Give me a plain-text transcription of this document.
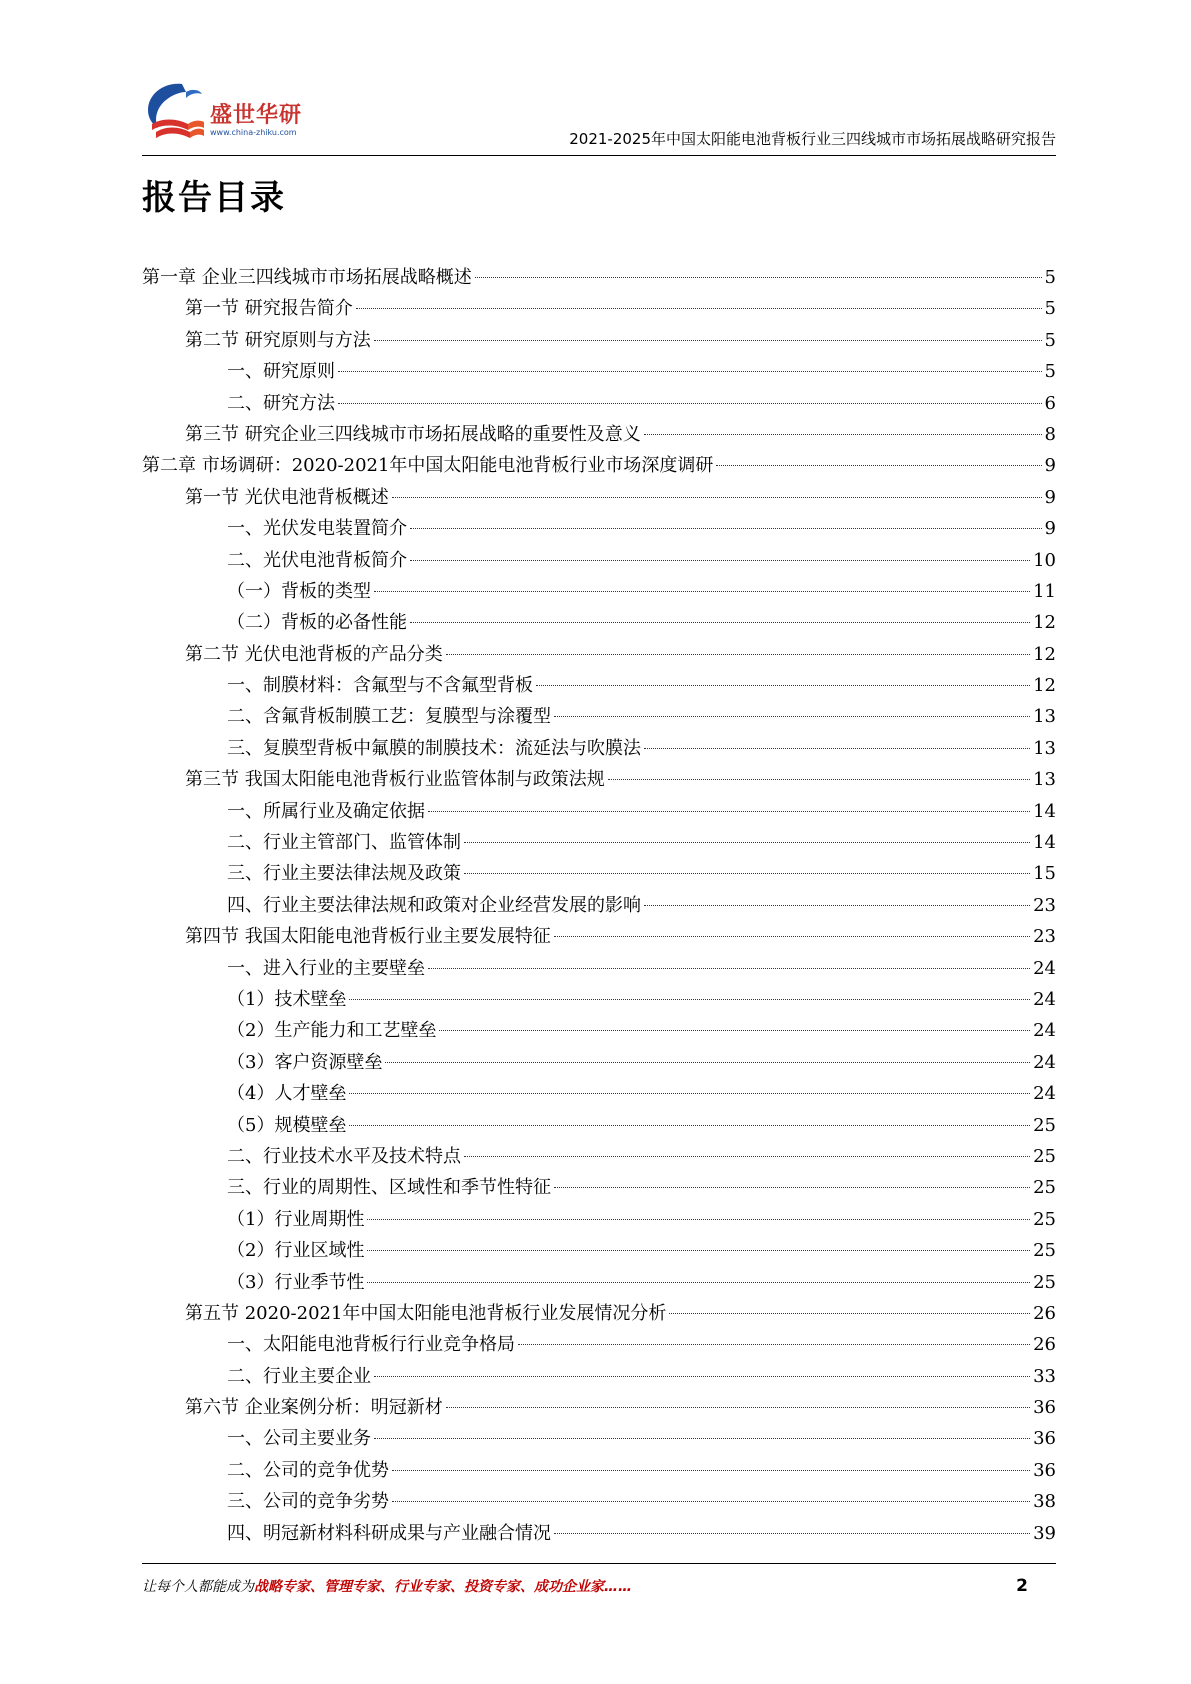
盛世华研
www.china-zhiku.com	2021-2025年中国太阳能电池背板行业三四线城市市场拓展战略研究报告
报告目录
第一章 企业三四线城市市场拓展战略概述	5
第一节 研究报告简介	5
第二节 研究原则与方法	5
一、研究原则	5
二、研究方法	6
第三节 研究企业三四线城市市场拓展战略的重要性及意义	8
第二章 市场调研：2020-2021年中国太阳能电池背板行业市场深度调研	9
第一节 光伏电池背板概述	9
一、光伏发电装置简介	9
二、光伏电池背板简介	10
（一）背板的类型	11
（二）背板的必备性能	12
第二节 光伏电池背板的产品分类	12
一、制膜材料：含氟型与不含氟型背板	12
二、含氟背板制膜工艺：复膜型与涂覆型	13
三、复膜型背板中氟膜的制膜技术：流延法与吹膜法	13
第三节 我国太阳能电池背板行业监管体制与政策法规	13
一、所属行业及确定依据	14
二、行业主管部门、监管体制	14
三、行业主要法律法规及政策	15
四、行业主要法律法规和政策对企业经营发展的影响	23
第四节 我国太阳能电池背板行业主要发展特征	23
一、进入行业的主要壁垒	24
（1）技术壁垒	24
（2）生产能力和工艺壁垒	24
（3）客户资源壁垒	24
（4）人才壁垒	24
（5）规模壁垒	25
二、行业技术水平及技术特点	25
三、行业的周期性、区域性和季节性特征	25
（1）行业周期性	25
（2）行业区域性	25
（3）行业季节性	25
第五节 2020-2021年中国太阳能电池背板行业发展情况分析	26
一、太阳能电池背板行行业竞争格局	26
二、行业主要企业	33
第六节 企业案例分析：明冠新材	36
一、公司主要业务	36
二、公司的竞争优势	36
三、公司的竞争劣势	38
四、明冠新材料科研成果与产业融合情况	39
让每个人都能成为战略专家、管理专家、行业专家、投资专家、成功企业家……	2
